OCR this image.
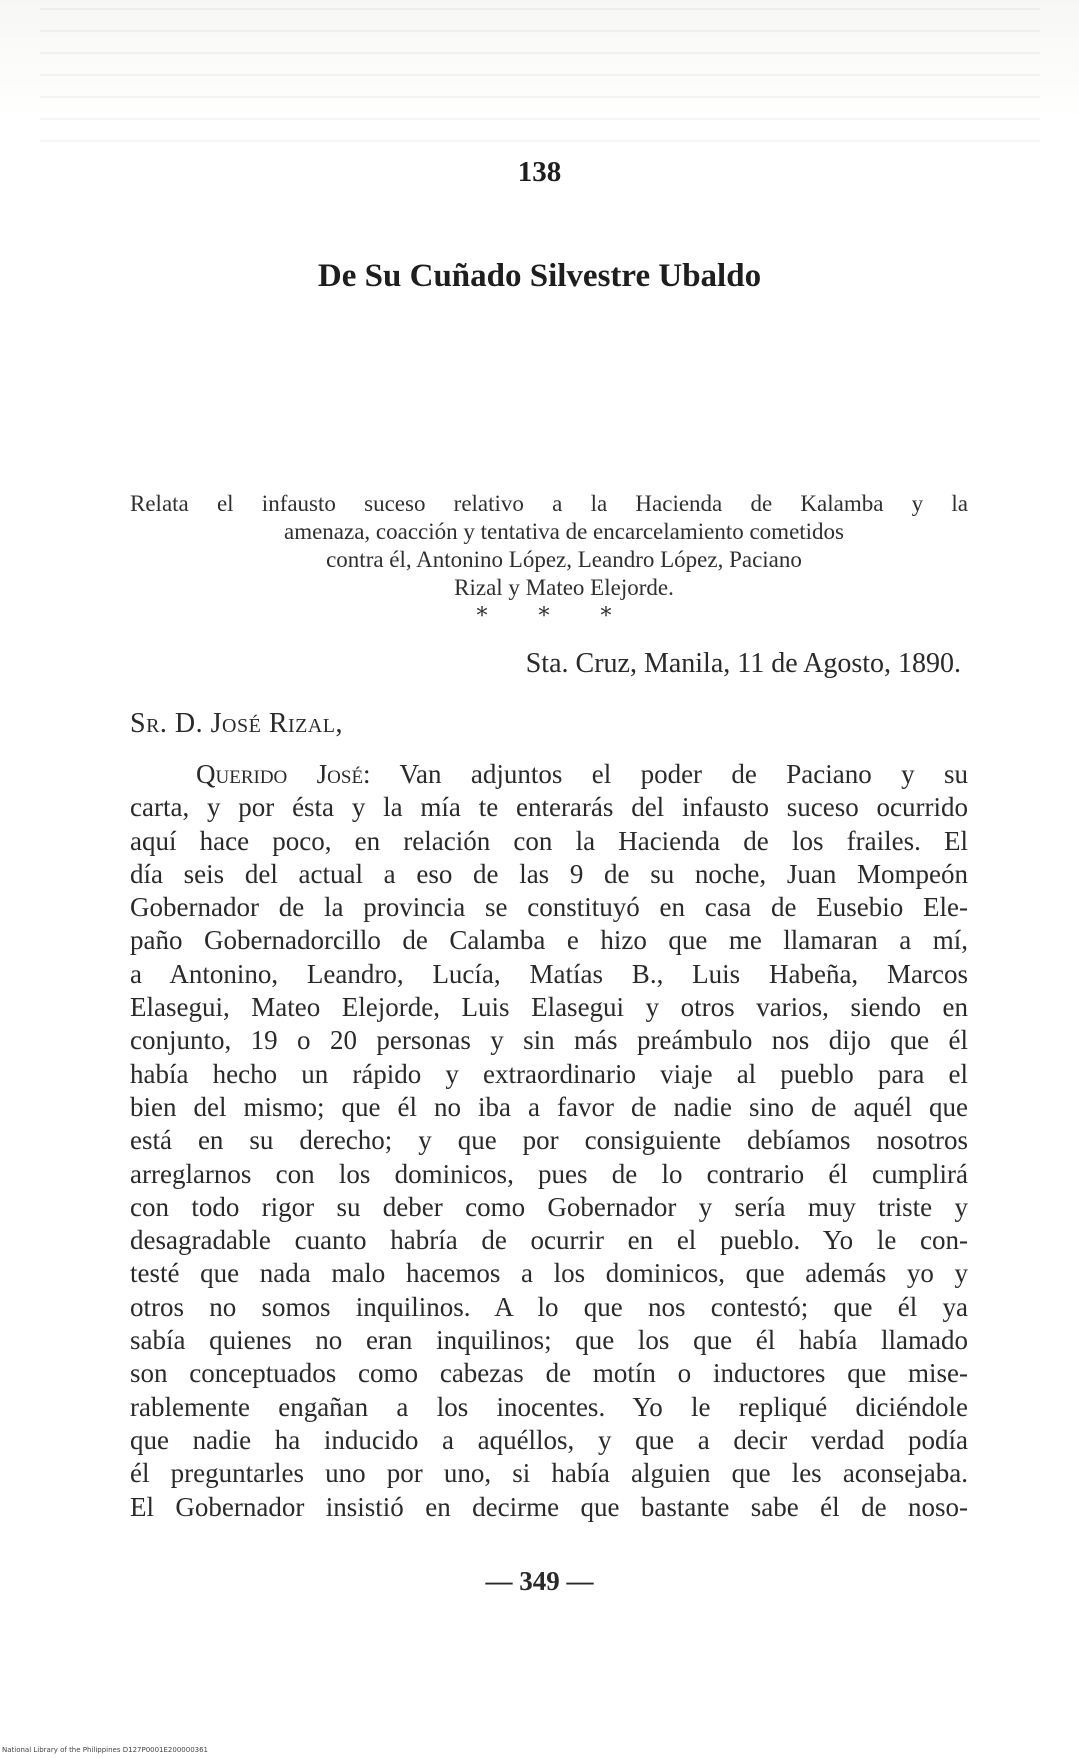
138
De Su Cuñado Silvestre Ubaldo
Relata el infausto suceso relativo a la Hacienda de Kalamba y la
amenaza, coacción y tentativa de encarcelamiento cometidos
contra él, Antonino López, Leandro López, Paciano
Rizal y Mateo Elejorde.
* * *
Sta. Cruz, Manila, 11 de Agosto, 1890.
Sr. D. José Rizal,
Querido José: Van adjuntos el poder de Paciano y su
carta, y por ésta y la mía te enterarás del infausto suceso ocurrido
aquí hace poco, en relación con la Hacienda de los frailes. El
día seis del actual a eso de las 9 de su noche, Juan Mompeón
Gobernador de la provincia se constituyó en casa de Eusebio Ele-
paño Gobernadorcillo de Calamba e hizo que me llamaran a mí,
a Antonino, Leandro, Lucía, Matías B., Luis Habeña, Marcos
Elasegui, Mateo Elejorde, Luis Elasegui y otros varios, siendo en
conjunto, 19 o 20 personas y sin más preámbulo nos dijo que él
había hecho un rápido y extraordinario viaje al pueblo para el
bien del mismo; que él no iba a favor de nadie sino de aquél que
está en su derecho; y que por consiguiente debíamos nosotros
arreglarnos con los dominicos, pues de lo contrario él cumplirá
con todo rigor su deber como Gobernador y sería muy triste y
desagradable cuanto habría de ocurrir en el pueblo. Yo le con-
testé que nada malo hacemos a los dominicos, que además yo y
otros no somos inquilinos. A lo que nos contestó; que él ya
sabía quienes no eran inquilinos; que los que él había llamado
son conceptuados como cabezas de motín o inductores que mise-
rablemente engañan a los inocentes. Yo le repliqué diciéndole
que nadie ha inducido a aquéllos, y que a decir verdad podía
él preguntarles uno por uno, si había alguien que les aconsejaba.
El Gobernador insistió en decirme que bastante sabe él de noso-
— 349 —
National Library of the Philippines D127P0001E200000361
